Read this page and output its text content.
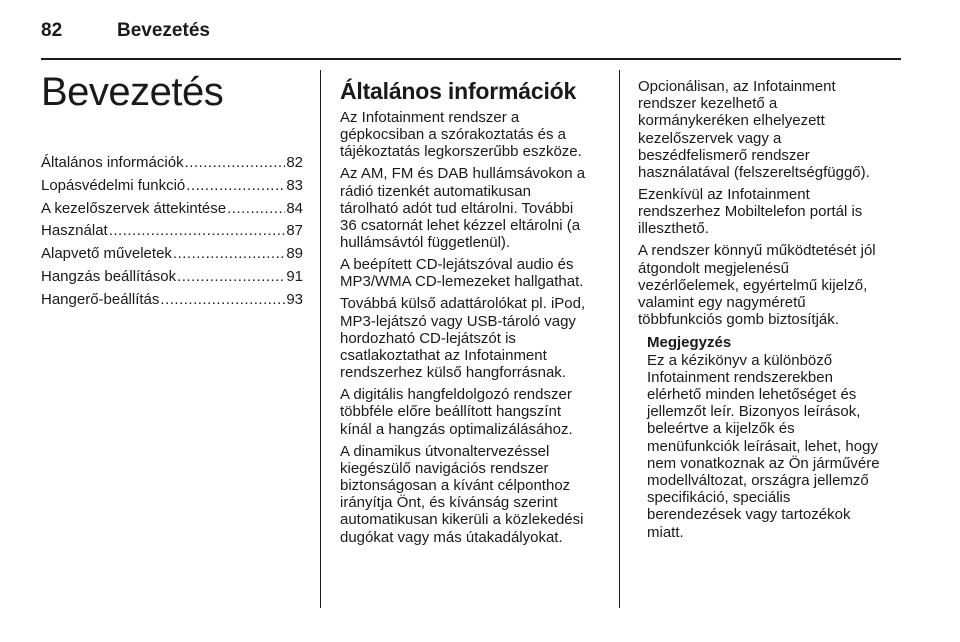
82	Bevezetés
Bevezetés
Általános információk .....	82
Lopásvédelmi funkció .....	83
A kezelőszervek áttekintése .....	84
Használat .....	87
Alapvető műveletek .....	89
Hangzás beállítások .....	91
Hangerő-beállítás .....	93
Általános információk

Az Infotainment rendszer a
gépkocsiban a szórakoztatás és a
tájékoztatás legkorszerűbb eszköze.

Az AM, FM és DAB hullámsávokon a
rádió tizenkét automatikusan
tárolható adót tud eltárolni. További
36 csatornát lehet kézzel eltárolni (a
hullámsávtól függetlenül).

A beépített CD-lejátszóval audio és
MP3/WMA CD-lemezeket hallgathat.

Továbbá külső adattárolókat pl. iPod,
MP3-lejátszó vagy USB-tároló vagy
hordozható CD-lejátszót is
csatlakoztathat az Infotainment
rendszerhez külső hangforrásnak.

A digitális hangfeldolgozó rendszer
többféle előre beállított hangszínt
kínál a hangzás optimalizálásához.

A dinamikus útvonaltervezéssel
kiegészülő navigációs rendszer
biztonságosan a kívánt célponthoz
irányítja Önt, és kívánság szerint
automatikusan kikerüli a közlekedési
dugókat vagy más útakadályokat.

Opcionálisan, az Infotainment
rendszer kezelhető a
kormánykeréken elhelyezett
kezelőszervek vagy a
beszédfelismerő rendszer
használatával (felszereltségfüggő).

Ezenkívül az Infotainment
rendszerhez Mobiltelefon portál is
illeszthető.

A rendszer könnyű működtetését jól
átgondolt megjelenésű
vezérlőelemek, egyértelmű kijelző,
valamint egy nagyméretű
többfunkciós gomb biztosítják.

Megjegyzés
Ez a kézikönyv a különböző
Infotainment rendszerekben
elérhető minden lehetőséget és
jellemzőt leír. Bizonyos leírások,
beleértve a kijelzők és
menüfunkciók leírásait, lehet, hogy
nem vonatkoznak az Ön járművére
modellváltozat, országra jellemző
specifikáció, speciális
berendezések vagy tartozékok
miatt.
